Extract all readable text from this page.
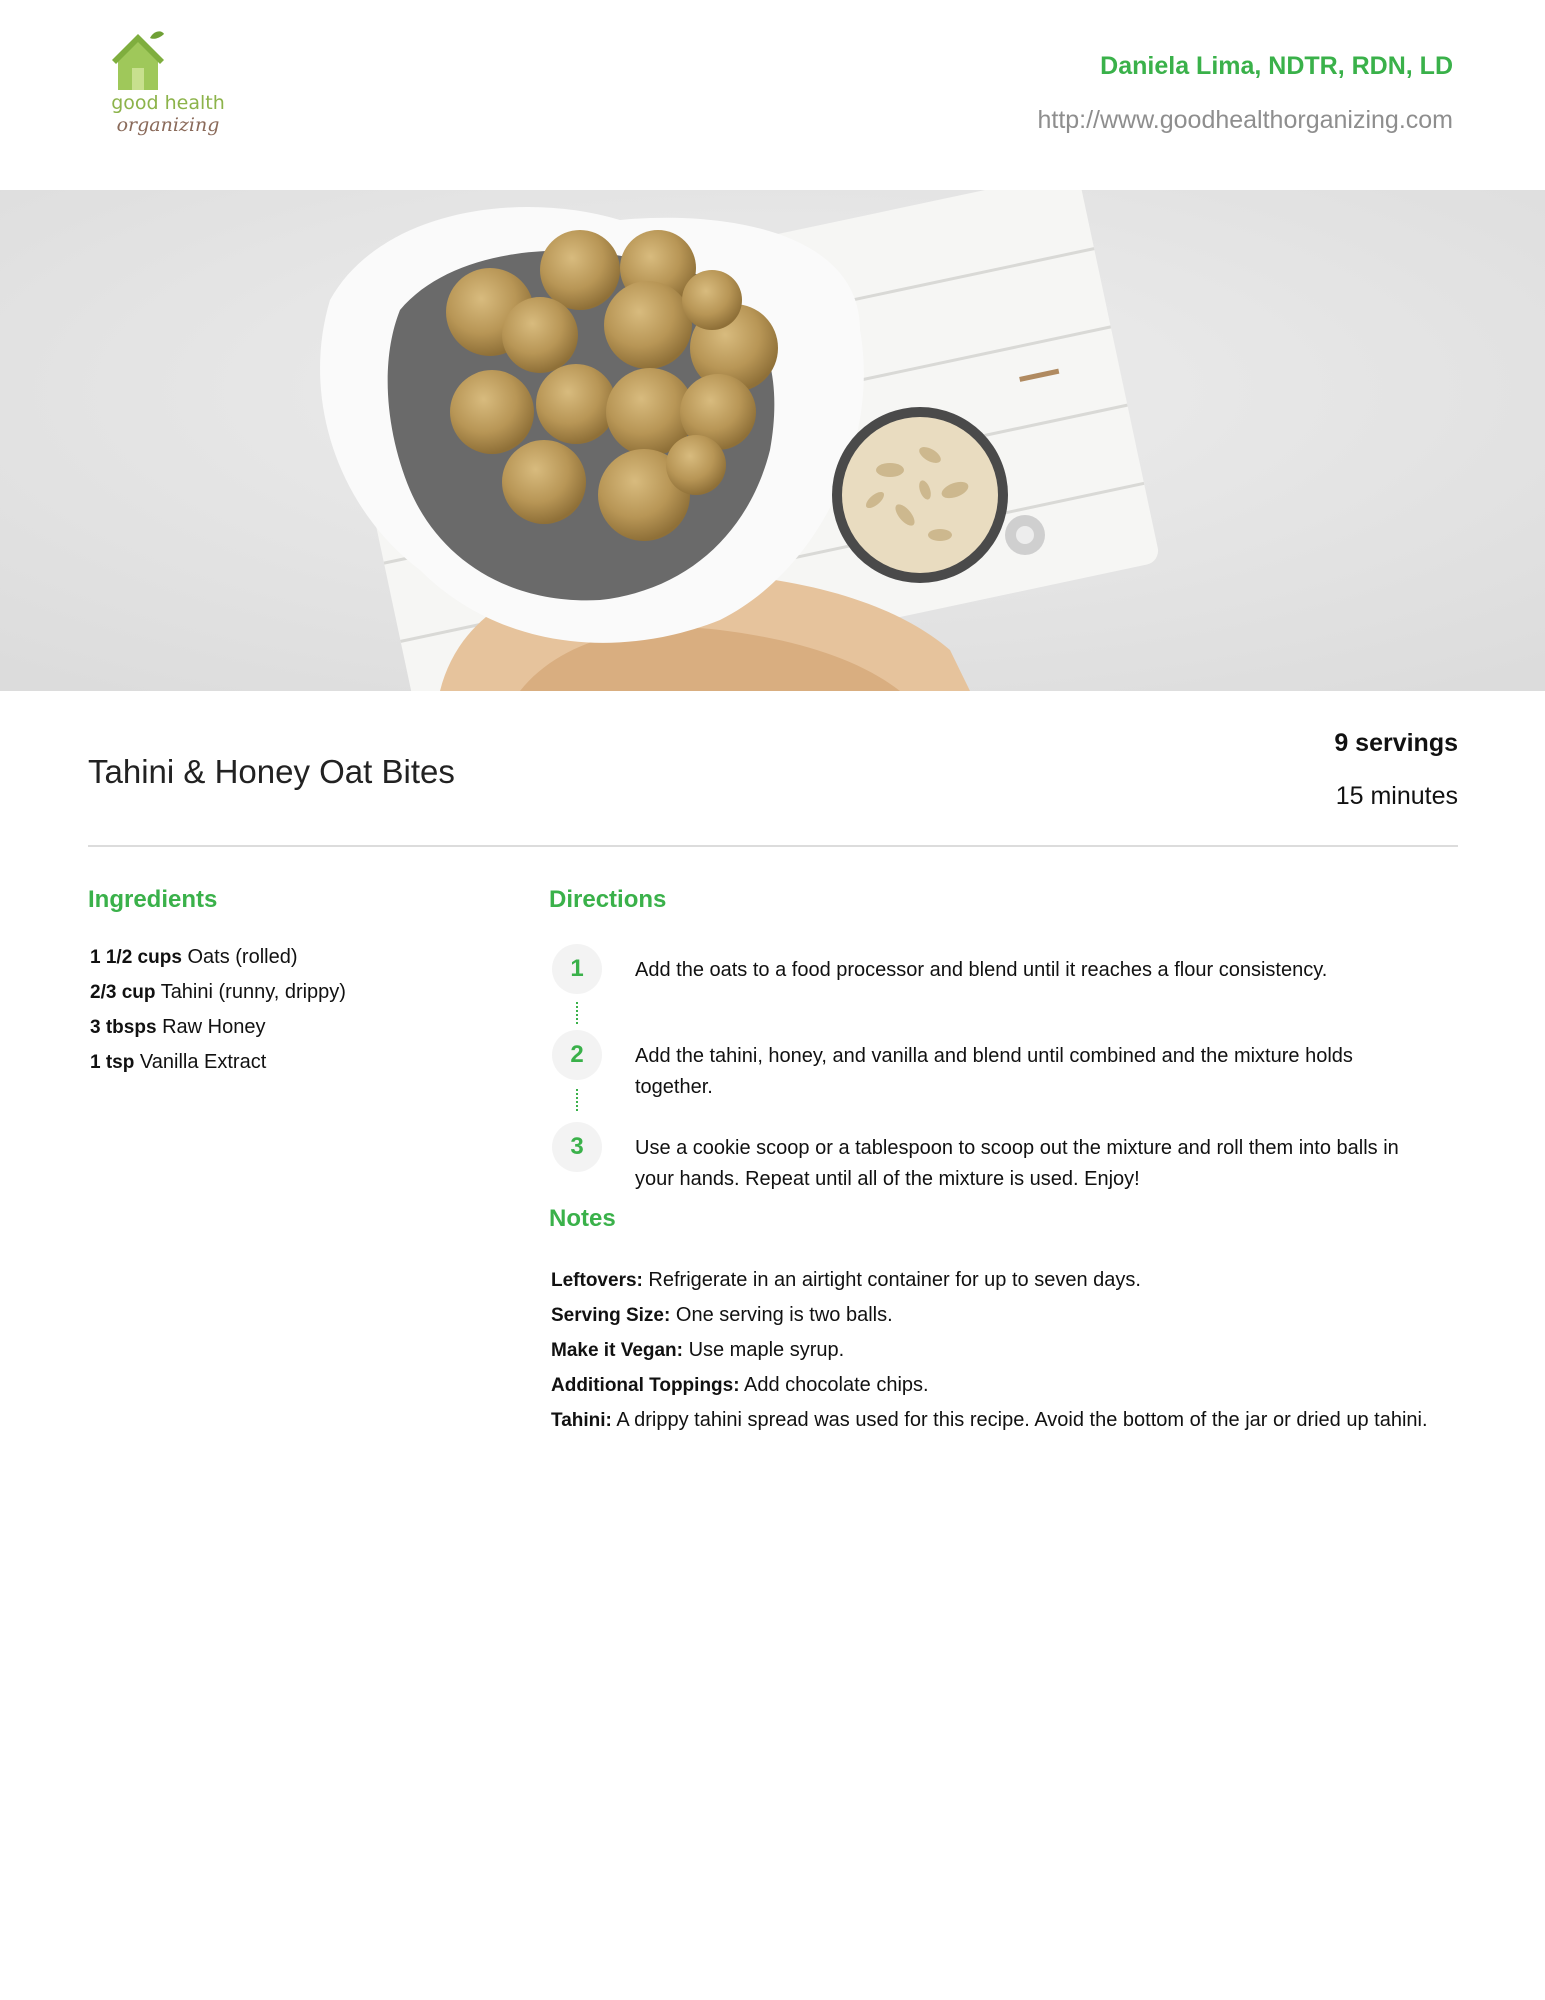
good health
organizing
Daniela Lima, NDTR, RDN, LD
http://www.goodhealthorganizing.com
Tahini & Honey Oat Bites
9 servings
15 minutes
Ingredients
1 1/2 cups Oats (rolled)
2/3 cup Tahini (runny, drippy)
3 tbsps Raw Honey
1 tsp Vanilla Extract
Directions
1	Add the oats to a food processor and blend until it reaches a flour consistency.
2	Add the tahini, honey, and vanilla and blend until combined and the mixture holds together.
3	Use a cookie scoop or a tablespoon to scoop out the mixture and roll them into balls in your hands. Repeat until all of the mixture is used. Enjoy!
Notes
Leftovers: Refrigerate in an airtight container for up to seven days.
Serving Size: One serving is two balls.
Make it Vegan: Use maple syrup.
Additional Toppings: Add chocolate chips.
Tahini: A drippy tahini spread was used for this recipe. Avoid the bottom of the jar or dried up tahini.
